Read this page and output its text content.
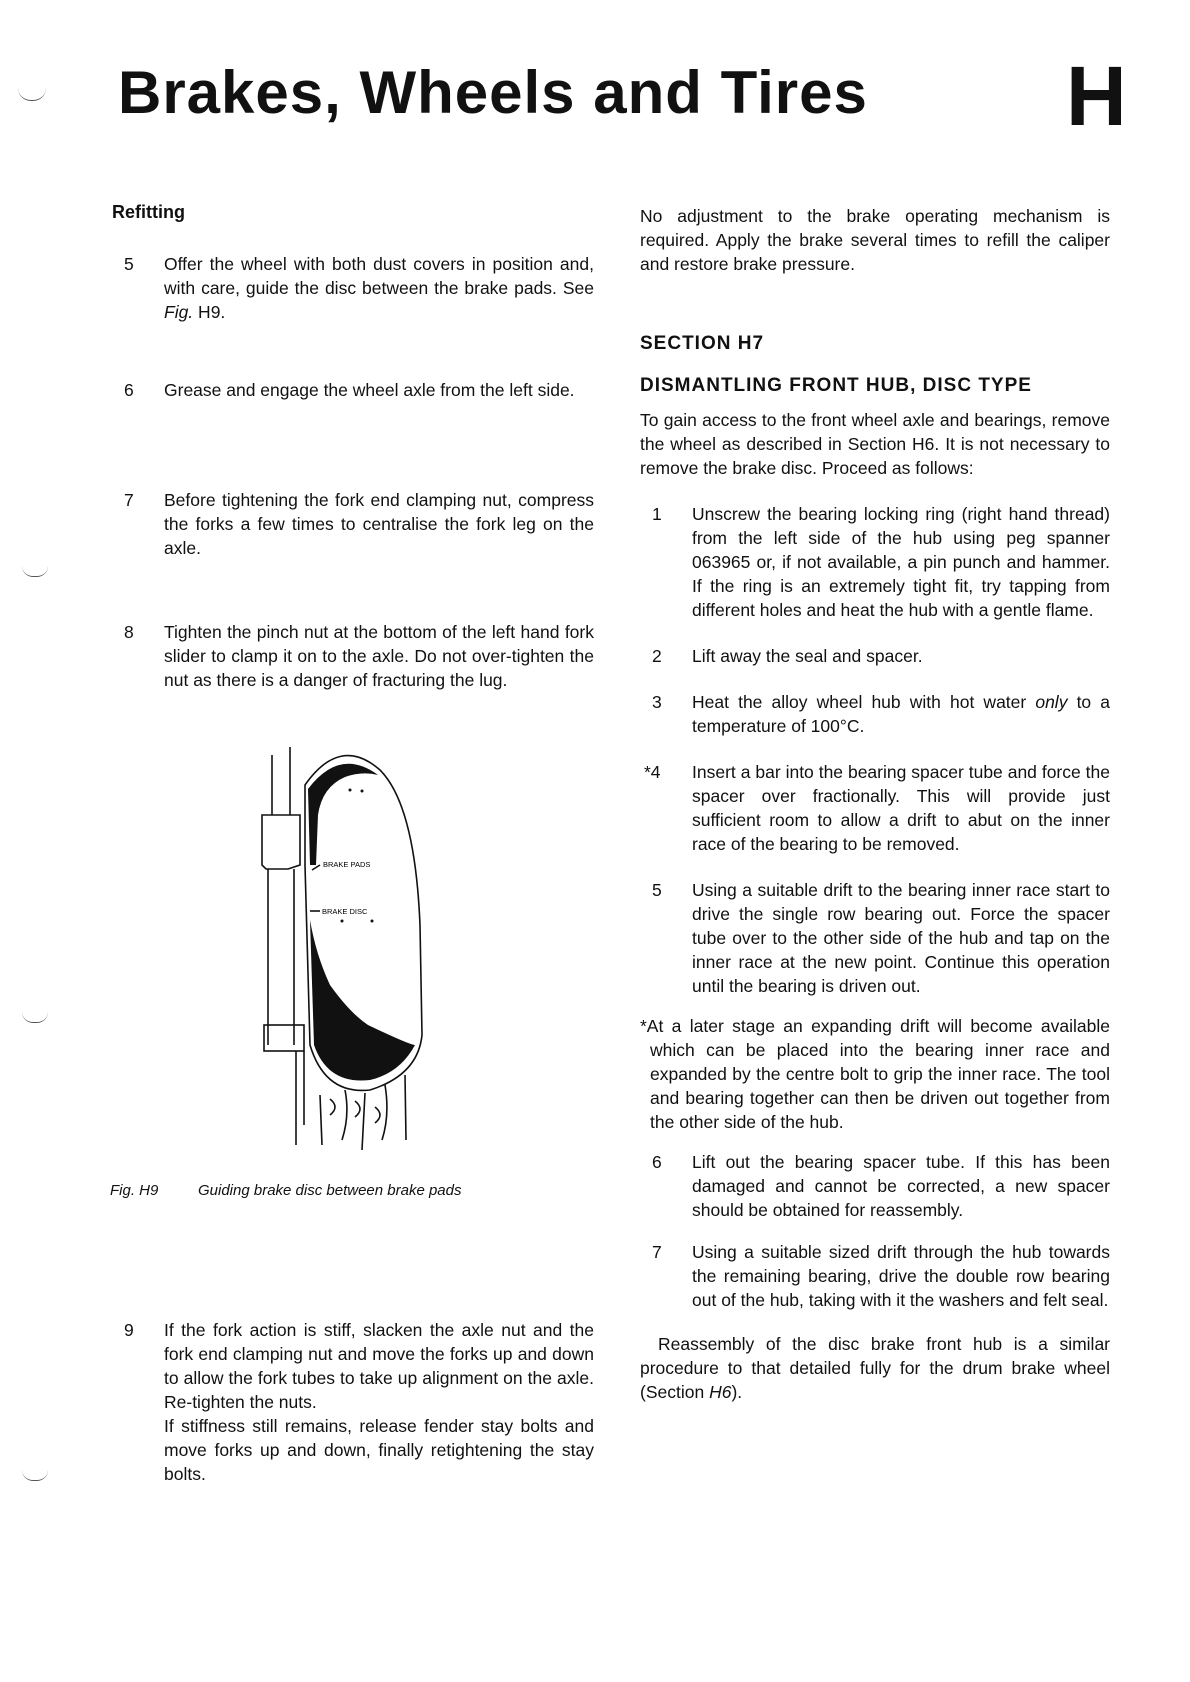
Brakes, Wheels and Tires H

Refitting

5	Offer the wheel with both dust covers in position and, with care, guide the disc between the brake pads. See Fig. H9.
6	Grease and engage the wheel axle from the left side.
7	Before tightening the fork end clamping nut, compress the forks a few times to centralise the fork leg on the axle.
8	Tighten the pinch nut at the bottom of the left hand fork slider to clamp it on to the axle. Do not over-tighten the nut as there is a danger of fracturing the lug.
BRAKE PADS
BRAKE DISC
Fig. H9	Guiding brake disc between brake pads
9	If the fork action is stiff, slacken the axle nut and the fork end clamping nut and move the forks up and down to allow the fork tubes to take up alignment on the axle. Re-tighten the nuts.
If stiffness still remains, release fender stay bolts and move forks up and down, finally retightening the stay bolts.

No adjustment to the brake operating mechanism is required. Apply the brake several times to refill the caliper and restore brake pressure.

SECTION H7

DISMANTLING FRONT HUB, DISC TYPE

To gain access to the front wheel axle and bearings, remove the wheel as described in Section H6. It is not necessary to remove the brake disc. Proceed as follows:

1	Unscrew the bearing locking ring (right hand thread) from the left side of the hub using peg spanner 063965 or, if not available, a pin punch and hammer. If the ring is an extremely tight fit, try tapping from different holes and heat the hub with a gentle flame.
2	Lift away the seal and spacer.
3	Heat the alloy wheel hub with hot water only to a temperature of 100°C.
*4	Insert a bar into the bearing spacer tube and force the spacer over fractionally. This will provide just sufficient room to allow a drift to abut on the inner race of the bearing to be removed.
5	Using a suitable drift to the bearing inner race start to drive the single row bearing out. Force the spacer tube over to the other side of the hub and tap on the inner race at the new point. Continue this operation until the bearing is driven out.

*At a later stage an expanding drift will become available which can be placed into the bearing inner race and expanded by the centre bolt to grip the inner race. The tool and bearing together can then be driven out together from the other side of the hub.

6	Lift out the bearing spacer tube. If this has been damaged and cannot be corrected, a new spacer should be obtained for reassembly.
7	Using a suitable sized drift through the hub towards the remaining bearing, drive the double row bearing out of the hub, taking with it the washers and felt seal.

Reassembly of the disc brake front hub is a similar procedure to that detailed fully for the drum brake wheel (Section H6).
